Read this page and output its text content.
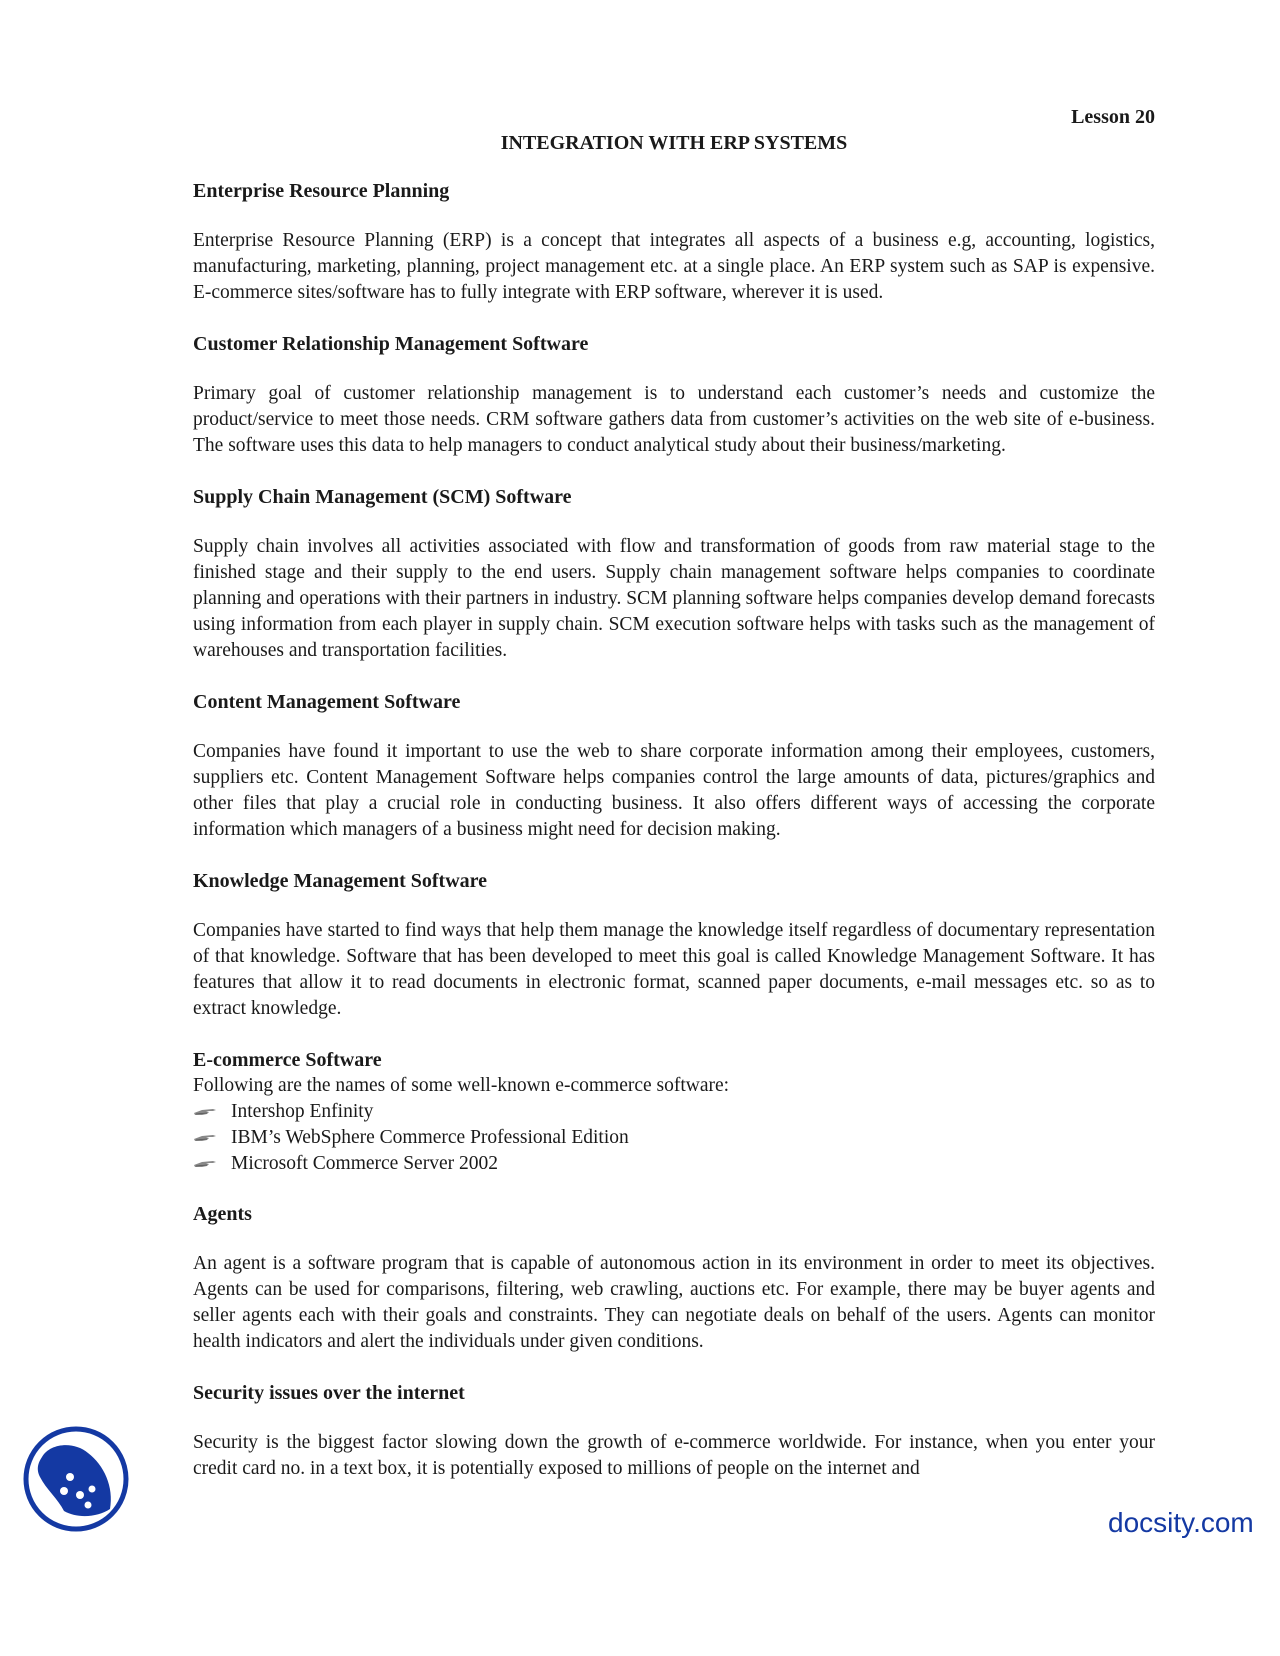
Lesson 20

INTEGRATION WITH ERP SYSTEMS

Enterprise Resource Planning

Enterprise Resource Planning (ERP) is a concept that integrates all aspects of a business e.g, accounting, logistics, manufacturing, marketing, planning, project management etc. at a single place. An ERP system such as SAP is expensive. E-commerce sites/software has to fully integrate with ERP software, wherever it is used.

Customer Relationship Management Software

Primary goal of customer relationship management is to understand each customer’s needs and customize the product/service to meet those needs. CRM software gathers data from customer’s activities on the web site of e-business. The software uses this data to help managers to conduct analytical study about their business/marketing.

Supply Chain Management (SCM) Software

Supply chain involves all activities associated with flow and transformation of goods from raw material stage to the finished stage and their supply to the end users. Supply chain management software helps companies to coordinate planning and operations with their partners in industry. SCM planning software helps companies develop demand forecasts using information from each player in supply chain. SCM execution software helps with tasks such as the management of warehouses and transportation facilities.

Content Management Software

Companies have found it important to use the web to share corporate information among their employees, customers, suppliers etc. Content Management Software helps companies control the large amounts of data, pictures/graphics and other files that play a crucial role in conducting business. It also offers different ways of accessing the corporate information which managers of a business might need for decision making.

Knowledge Management Software

Companies have started to find ways that help them manage the knowledge itself regardless of documentary representation of that knowledge. Software that has been developed to meet this goal is called Knowledge Management Software. It has features that allow it to read documents in electronic format, scanned paper documents, e-mail messages etc. so as to extract knowledge.

E-commerce Software

Following are the names of some well-known e-commerce software:

Intershop Enfinity
IBM’s WebSphere Commerce Professional Edition
Microsoft Commerce Server 2002
Agents

An agent is a software program that is capable of autonomous action in its environment in order to meet its objectives. Agents can be used for comparisons, filtering, web crawling, auctions etc. For example, there may be buyer agents and seller agents each with their goals and constraints. They can negotiate deals on behalf of the users. Agents can monitor health indicators and alert the individuals under given conditions.

Security issues over the internet

Security is the biggest factor slowing down the growth of e-commerce worldwide. For instance, when you enter your credit card no. in a text box, it is potentially exposed to millions of people on the internet and

docsity.com
